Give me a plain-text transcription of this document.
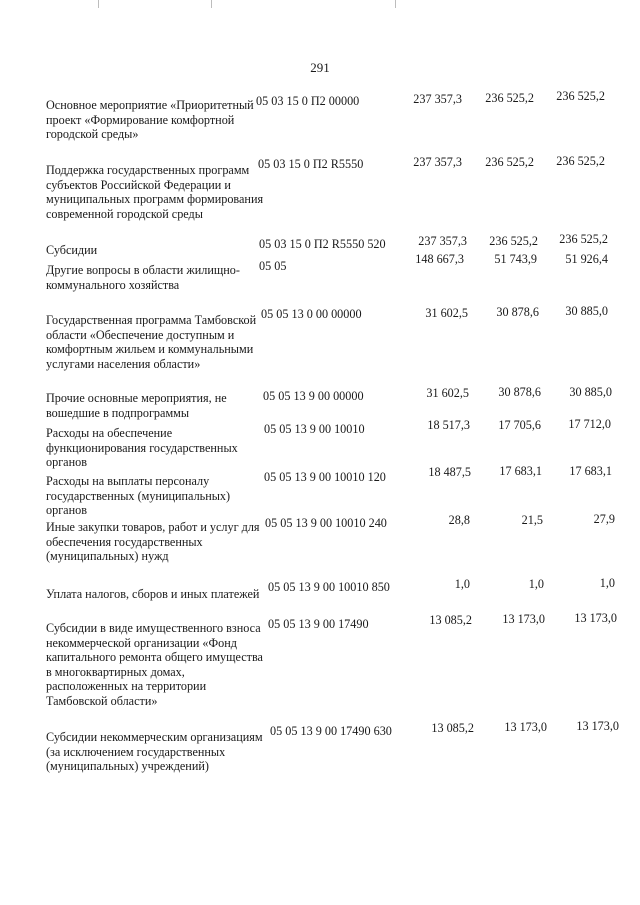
291
Основное мероприятие «Приоритетный проект «Формирование комфортной городской среды»
05 03 15 0 П2 00000	237 357,3	236 525,2	236 525,2
Поддержка государственных программ субъектов Российской Федерации и муниципальных программ формирования современной городской среды
05 03 15 0 П2 R5550	237 357,3	236 525,2	236 525,2
Субсидии	05 03 15 0 П2 R5550 520	237 357,3	236 525,2	236 525,2
Другие вопросы в области жилищно-коммунального хозяйства
05 05	148 667,3	51 743,9	51 926,4
Государственная программа Тамбовской области «Обеспечение доступным и комфортным жильем и коммунальными услугами населения области»
05 05 13 0 00 00000	31 602,5	30 878,6	30 885,0
Прочие основные мероприятия, не вошедшие в подпрограммы
05 05 13 9 00 00000	31 602,5	30 878,6	30 885,0
Расходы на обеспечение функционирования государственных органов
05 05 13 9 00 10010	18 517,3	17 705,6	17 712,0
Расходы на выплаты персоналу государственных (муниципальных) органов
05 05 13 9 00 10010 120	18 487,5	17 683,1	17 683,1
Иные закупки товаров, работ и услуг для обеспечения государственных (муниципальных) нужд
05 05 13 9 00 10010 240	28,8	21,5	27,9
Уплата налогов, сборов и иных платежей 05 05 13 9 00 10010 850	1,0	1,0	1,0
Субсидии в виде имущественного взноса некоммерческой организации «Фонд капитального ремонта общего имущества в многоквартирных домах, расположенных на территории Тамбовской области»
05 05 13 9 00 17490	13 085,2	13 173,0	13 173,0
Субсидии некоммерческим организациям (за исключением государственных (муниципальных) учреждений)
05 05 13 9 00 17490 630	13 085,2	13 173,0	13 173,0
